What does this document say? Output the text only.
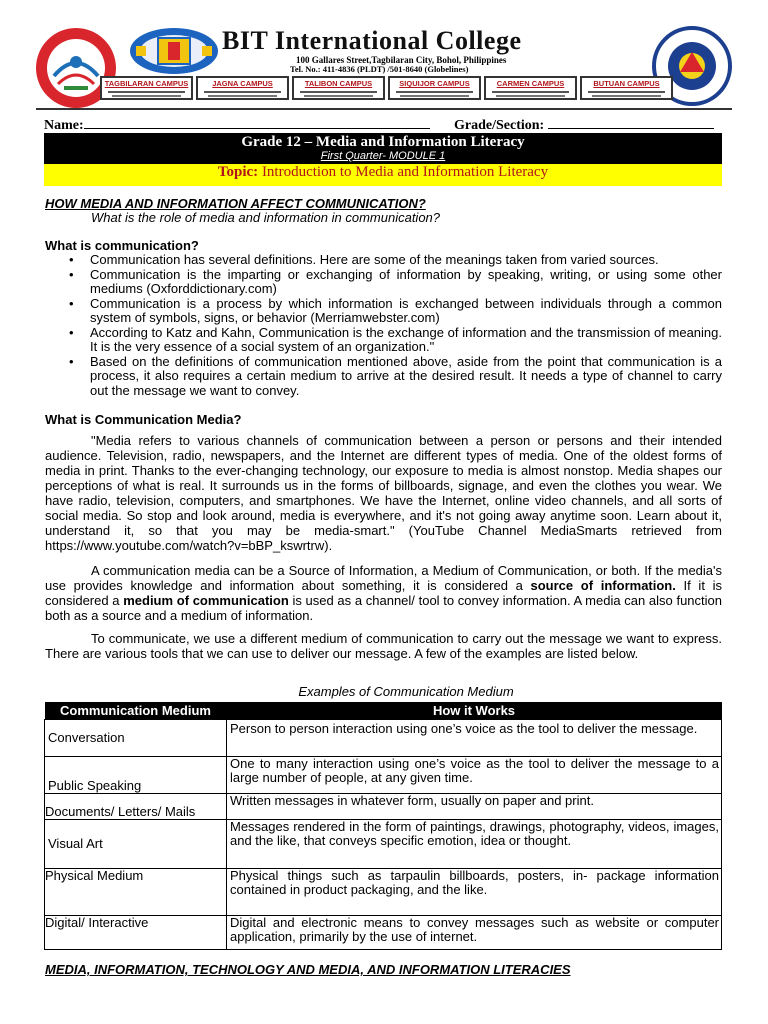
BIT International College
100 Gallares Street,Tagbilaran City, Bohol, Philippines
Tel. No.: 411-4836 (PLDT) /501-8640 (Globelines)
TAGBILARAN CAMPUS	JAGNA CAMPUS	TALIBON CAMPUS	SIQUIJOR CAMPUS	CARMEN CAMPUS	BUTUAN CAMPUS
Name:	Grade/Section:
Grade 12 – Media and Information Literacy
First Quarter- MODULE 1
Topic: Introduction to Media and Information Literacy
HOW MEDIA AND INFORMATION AFFECT COMMUNICATION?
What is the role of media and information in communication?
What is communication?
• Communication has several definitions. Here are some of the meanings taken from varied sources.
• Communication is the imparting or exchanging of information by speaking, writing, or using some other mediums (Oxforddictionary.com)
• Communication is a process by which information is exchanged between individuals through a common system of symbols, signs, or behavior (Merriamwebster.com)
• According to Katz and Kahn, Communication is the exchange of information and the transmission of meaning. It is the very essence of a social system of an organization."
• Based on the definitions of communication mentioned above, aside from the point that communication is a process, it also requires a certain medium to arrive at the desired result. It needs a type of channel to carry out the message we want to convey.
What is Communication Media?
"Media refers to various channels of communication between a person or persons and their intended audience. Television, radio, newspapers, and the Internet are different types of media. One of the oldest forms of media in print. Thanks to the ever-changing technology, our exposure to media is almost nonstop. Media shapes our perceptions of what is real. It surrounds us in the forms of billboards, signage, and even the clothes you wear. We have radio, television, computers, and smartphones. We have the Internet, online video channels, and all sorts of social media. So stop and look around, media is everywhere, and it's not going away anytime soon. Learn about it, understand it, so that you may be media-smart." (YouTube Channel MediaSmarts retrieved from https://www.youtube.com/watch?v=bBP_kswrtrw).
A communication media can be a Source of Information, a Medium of Communication, or both. If the media's use provides knowledge and information about something, it is considered a source of information. If it is considered a medium of communication is used as a channel/ tool to convey information. A media can also function both as a source and a medium of information.
To communicate, we use a different medium of communication to carry out the message we want to express. There are various tools that we can use to deliver our message. A few of the examples are listed below.
Examples of Communication Medium
Communication Medium	How it Works
Conversation	Person to person interaction using one’s voice as the tool to deliver the message.
Public Speaking	One to many interaction using one’s voice as the tool to deliver the message to a large number of people, at any given time.
Documents/ Letters/ Mails	Written messages in whatever form, usually on paper and print.
Visual Art	Messages rendered in the form of paintings, drawings, photography, videos, images, and the like, that conveys specific emotion, idea or thought.
Physical Medium	Physical things such as tarpaulin billboards, posters, in- package information contained in product packaging, and the like.
Digital/ Interactive	Digital and electronic means to convey messages such as website or computer application, primarily by the use of internet.
MEDIA, INFORMATION, TECHNOLOGY AND MEDIA, AND INFORMATION LITERACIES
